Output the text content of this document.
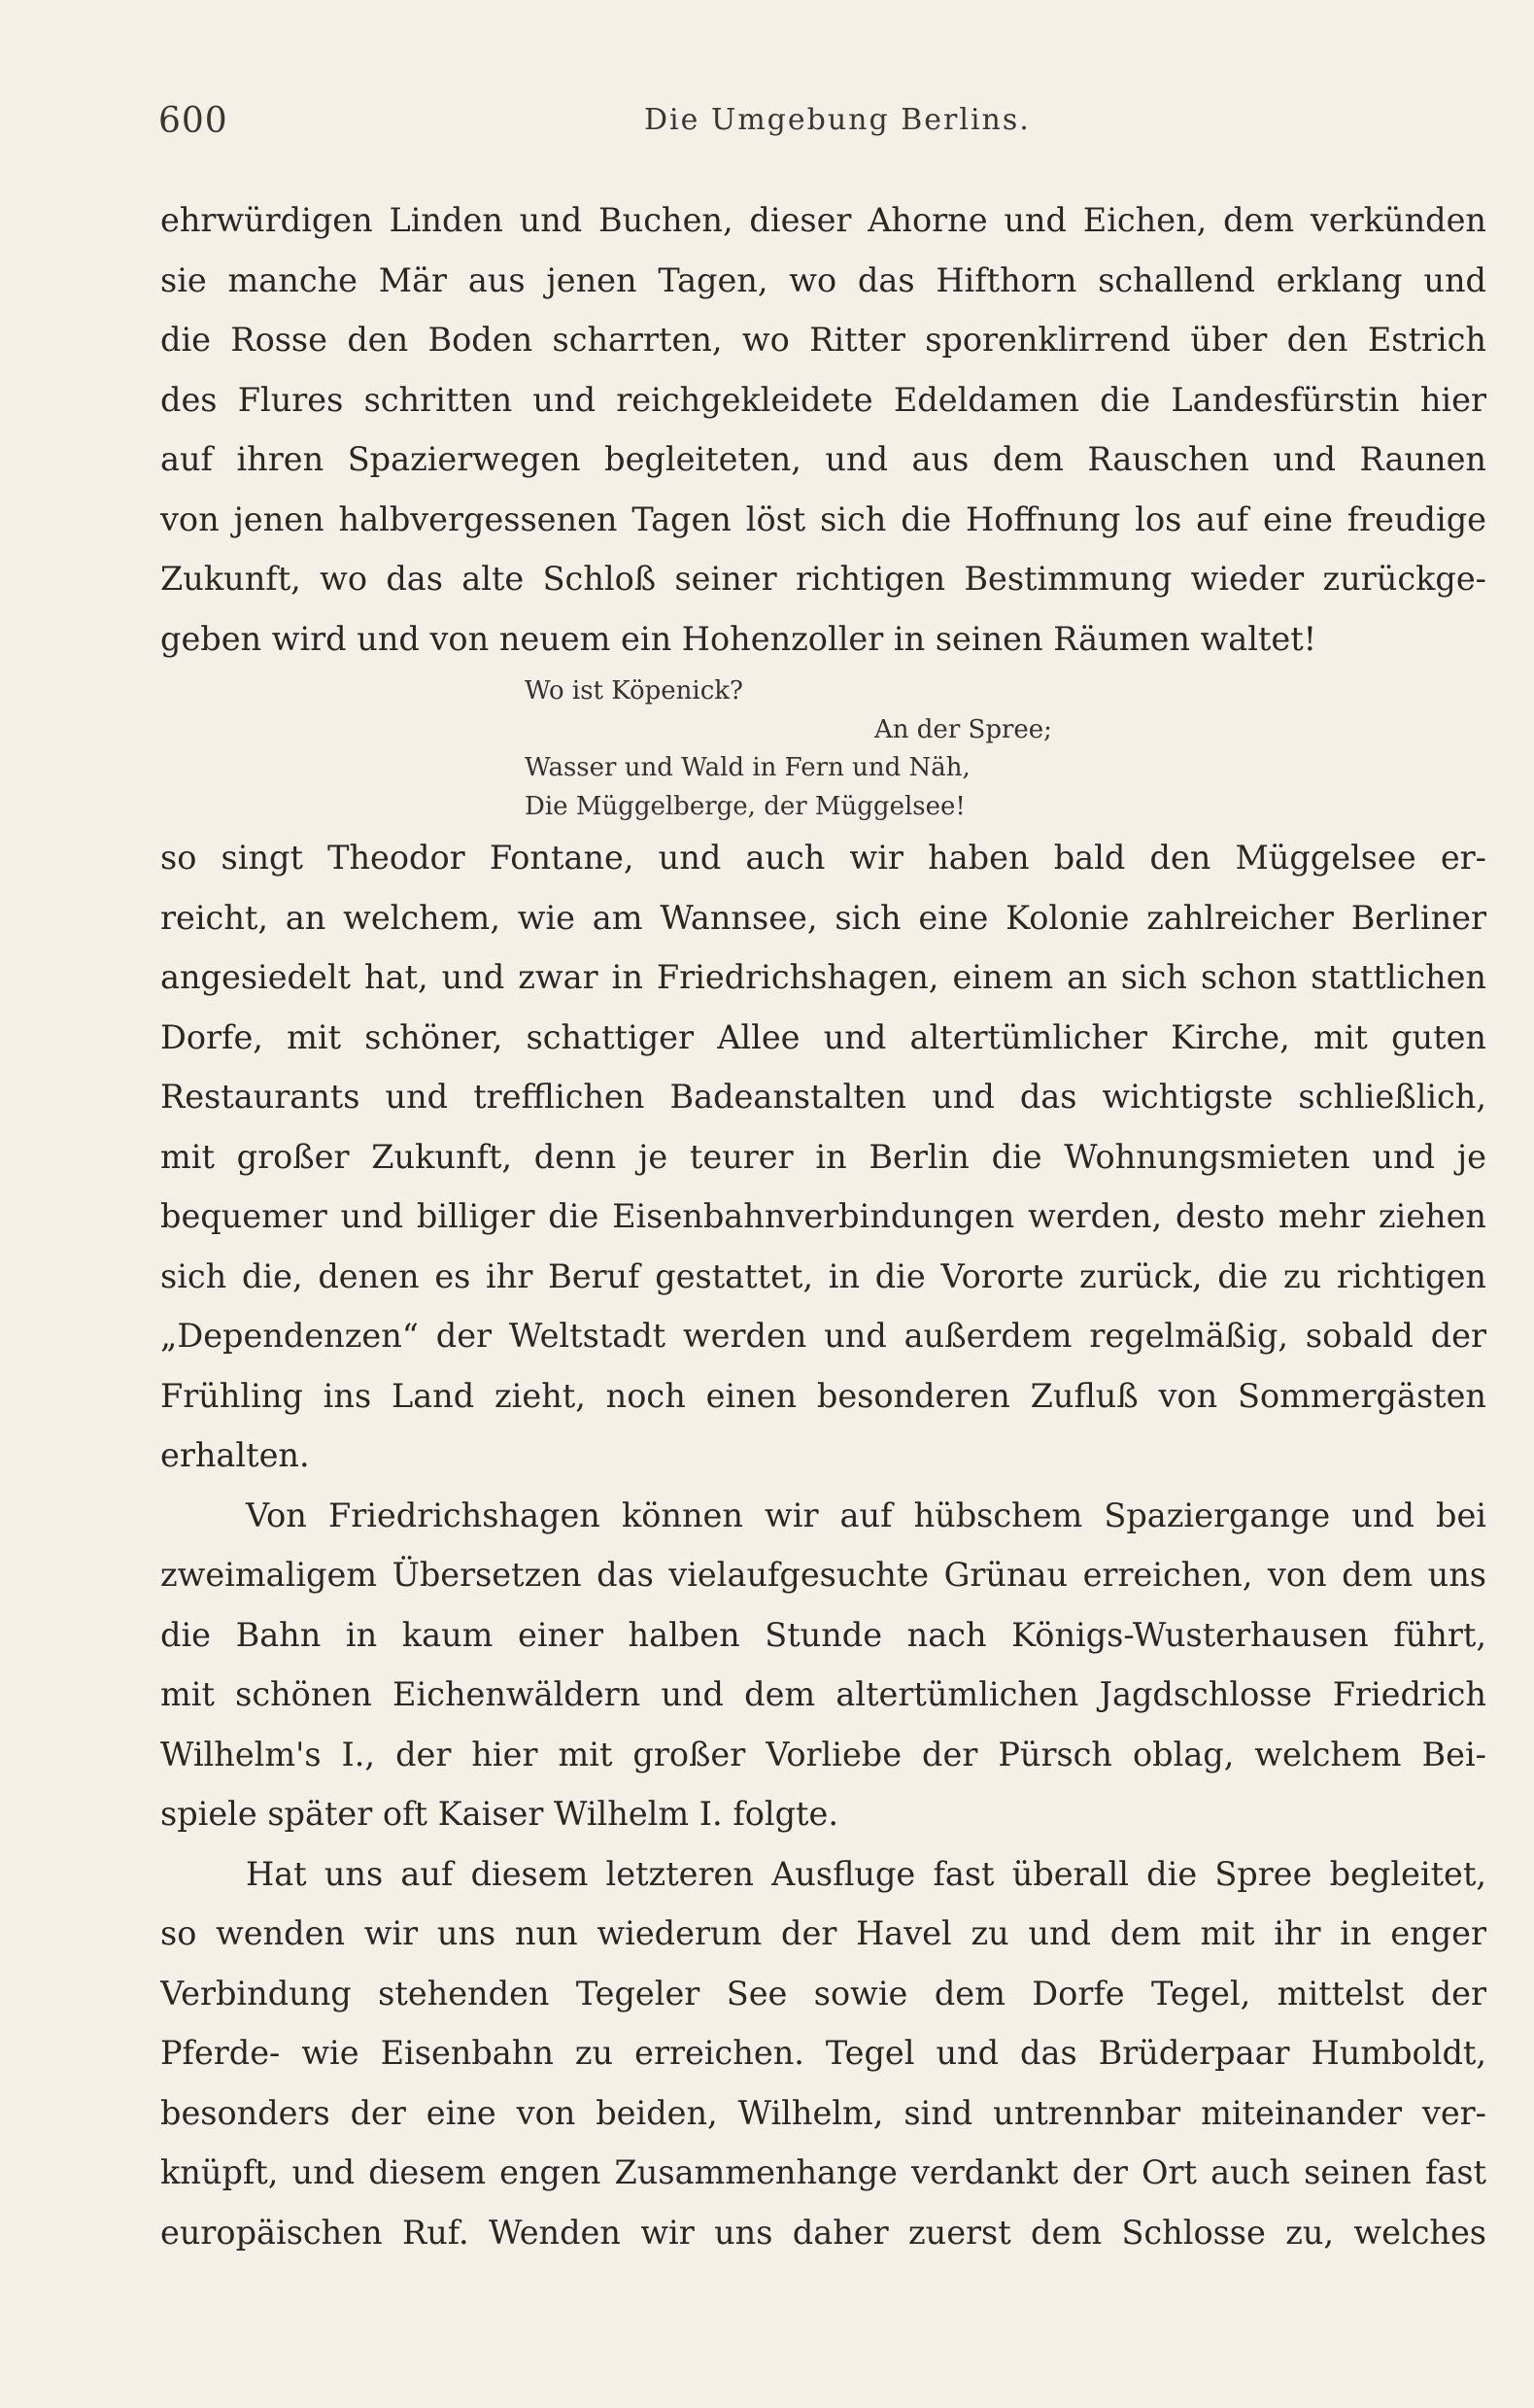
600	Die Umgebung Berlins.
ehrwürdigen Linden und Buchen, dieser Ahorne und Eichen, dem verkünden
sie manche Mär aus jenen Tagen, wo das Hifthorn schallend erklang und
die Rosse den Boden scharrten, wo Ritter sporenklirrend über den Estrich
des Flures schritten und reichgekleidete Edeldamen die Landesfürstin hier
auf ihren Spazierwegen begleiteten, und aus dem Rauschen und Raunen
von jenen halbvergessenen Tagen löst sich die Hoffnung los auf eine freudige
Zukunft, wo das alte Schloß seiner richtigen Bestimmung wieder zurückge-
geben wird und von neuem ein Hohenzoller in seinen Räumen waltet!
Wo ist Köpenick?
An der Spree;
Wasser und Wald in Fern und Näh,
Die Müggelberge, der Müggelsee!
so singt Theodor Fontane, und auch wir haben bald den Müggelsee er-
reicht, an welchem, wie am Wannsee, sich eine Kolonie zahlreicher Berliner
angesiedelt hat, und zwar in Friedrichshagen, einem an sich schon stattlichen
Dorfe, mit schöner, schattiger Allee und altertümlicher Kirche, mit guten
Restaurants und trefflichen Badeanstalten und das wichtigste schließlich,
mit großer Zukunft, denn je teurer in Berlin die Wohnungsmieten und je
bequemer und billiger die Eisenbahnverbindungen werden, desto mehr ziehen
sich die, denen es ihr Beruf gestattet, in die Vororte zurück, die zu richtigen
„Dependenzen“ der Weltstadt werden und außerdem regelmäßig, sobald der
Frühling ins Land zieht, noch einen besonderen Zufluß von Sommergästen
erhalten.
Von Friedrichshagen können wir auf hübschem Spaziergange und bei
zweimaligem Übersetzen das vielaufgesuchte Grünau erreichen, von dem uns
die Bahn in kaum einer halben Stunde nach Königs-Wusterhausen führt,
mit schönen Eichenwäldern und dem altertümlichen Jagdschlosse Friedrich
Wilhelm's I., der hier mit großer Vorliebe der Pürsch oblag, welchem Bei-
spiele später oft Kaiser Wilhelm I. folgte.
Hat uns auf diesem letzteren Ausfluge fast überall die Spree begleitet,
so wenden wir uns nun wiederum der Havel zu und dem mit ihr in enger
Verbindung stehenden Tegeler See sowie dem Dorfe Tegel, mittelst der
Pferde- wie Eisenbahn zu erreichen. Tegel und das Brüderpaar Humboldt,
besonders der eine von beiden, Wilhelm, sind untrennbar miteinander ver-
knüpft, und diesem engen Zusammenhange verdankt der Ort auch seinen fast
europäischen Ruf. Wenden wir uns daher zuerst dem Schlosse zu, welches
